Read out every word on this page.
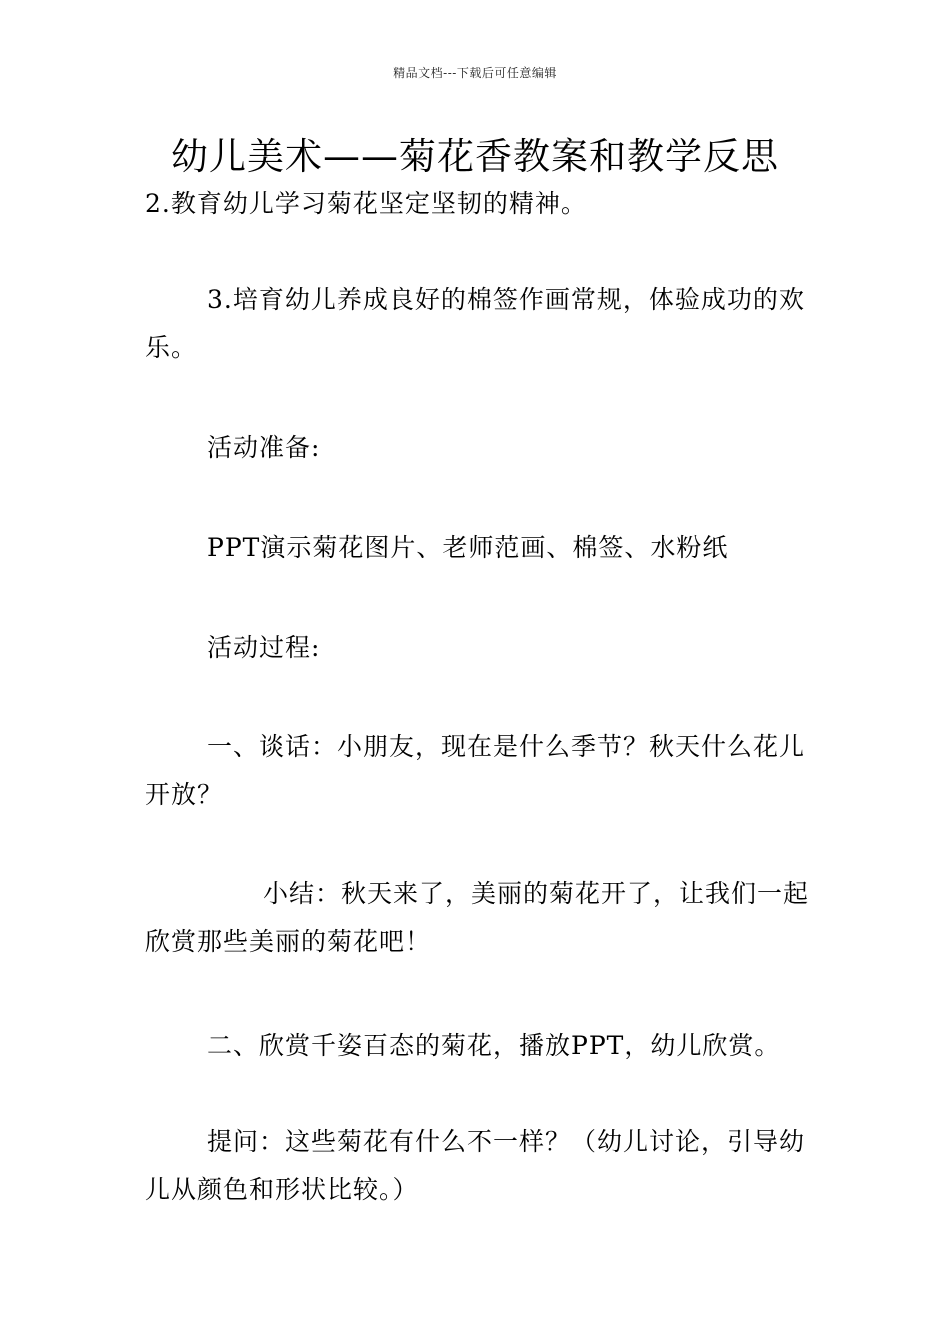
精品文档---下载后可任意编辑
幼儿美术——菊花香教案和教学反思

2.教育幼儿学习菊花坚定坚韧的精神。

3.培育幼儿养成良好的棉签作画常规，体验成功的欢乐。

活动准备:

PPT演示菊花图片、老师范画、棉签、水粉纸

活动过程:

一、谈话：小朋友，现在是什么季节？秋天什么花儿开放？

小结：秋天来了，美丽的菊花开了，让我们一起欣赏那些美丽的菊花吧！

二、欣赏千姿百态的菊花，播放PPT，幼儿欣赏。

提问：这些菊花有什么不一样？（幼儿讨论，引导幼儿从颜色和形状比较。）
